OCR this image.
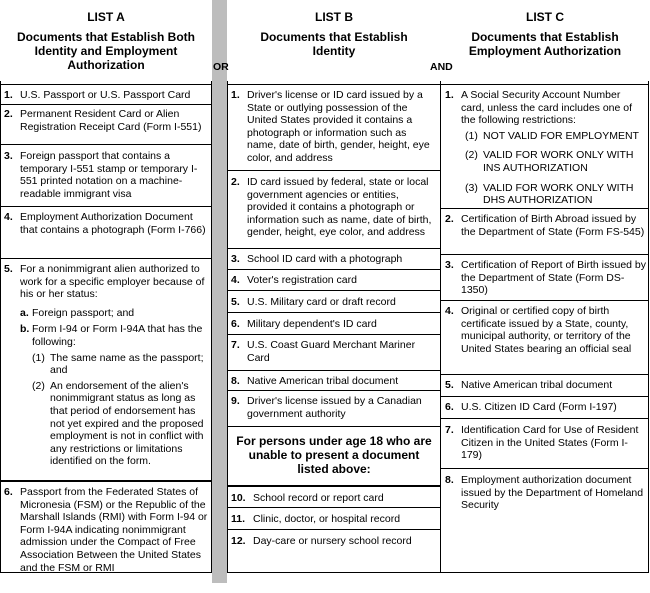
OR	AND
LIST A
Documents that Establish Both Identity and Employment Authorization
1. U.S. Passport or U.S. Passport Card
2. Permanent Resident Card or Alien Registration Receipt Card (Form I-551)
3. Foreign passport that contains a temporary I-551 stamp or temporary I-551 printed notation on a machine-readable immigrant visa
4. Employment Authorization Document that contains a photograph (Form I-766)
5. For a nonimmigrant alien authorized to work for a specific employer because of his or her status:
a. Foreign passport; and
b. Form I-94 or Form I-94A that has the following:
(1) The same name as the passport; and
(2) An endorsement of the alien's nonimmigrant status as long as that period of endorsement has not yet expired and the proposed employment is not in conflict with any restrictions or limitations identified on the form.
6. Passport from the Federated States of Micronesia (FSM) or the Republic of the Marshall Islands (RMI) with Form I-94 or Form I-94A indicating nonimmigrant admission under the Compact of Free Association Between the United States and the FSM or RMI
LIST B
Documents that Establish Identity
1. Driver's license or ID card issued by a State or outlying possession of the United States provided it contains a photograph or information such as name, date of birth, gender, height, eye color, and address
2. ID card issued by federal, state or local government agencies or entities, provided it contains a photograph or information such as name, date of birth, gender, height, eye color, and address
3. School ID card with a photograph
4. Voter's registration card
5. U.S. Military card or draft record
6. Military dependent's ID card
7. U.S. Coast Guard Merchant Mariner Card
8. Native American tribal document
9. Driver's license issued by a Canadian government authority
For persons under age 18 who are unable to present a document listed above:
10. School record or report card
11. Clinic, doctor, or hospital record
12. Day-care or nursery school record
LIST C
Documents that Establish Employment Authorization
1. A Social Security Account Number card, unless the card includes one of the following restrictions:
(1) NOT VALID FOR EMPLOYMENT
(2) VALID FOR WORK ONLY WITH INS AUTHORIZATION
(3) VALID FOR WORK ONLY WITH DHS AUTHORIZATION
2. Certification of Birth Abroad issued by the Department of State (Form FS-545)
3. Certification of Report of Birth issued by the Department of State (Form DS-1350)
4. Original or certified copy of birth certificate issued by a State, county, municipal authority, or territory of the United States bearing an official seal
5. Native American tribal document
6. U.S. Citizen ID Card (Form I-197)
7. Identification Card for Use of Resident Citizen in the United States (Form I-179)
8. Employment authorization document issued by the Department of Homeland Security
